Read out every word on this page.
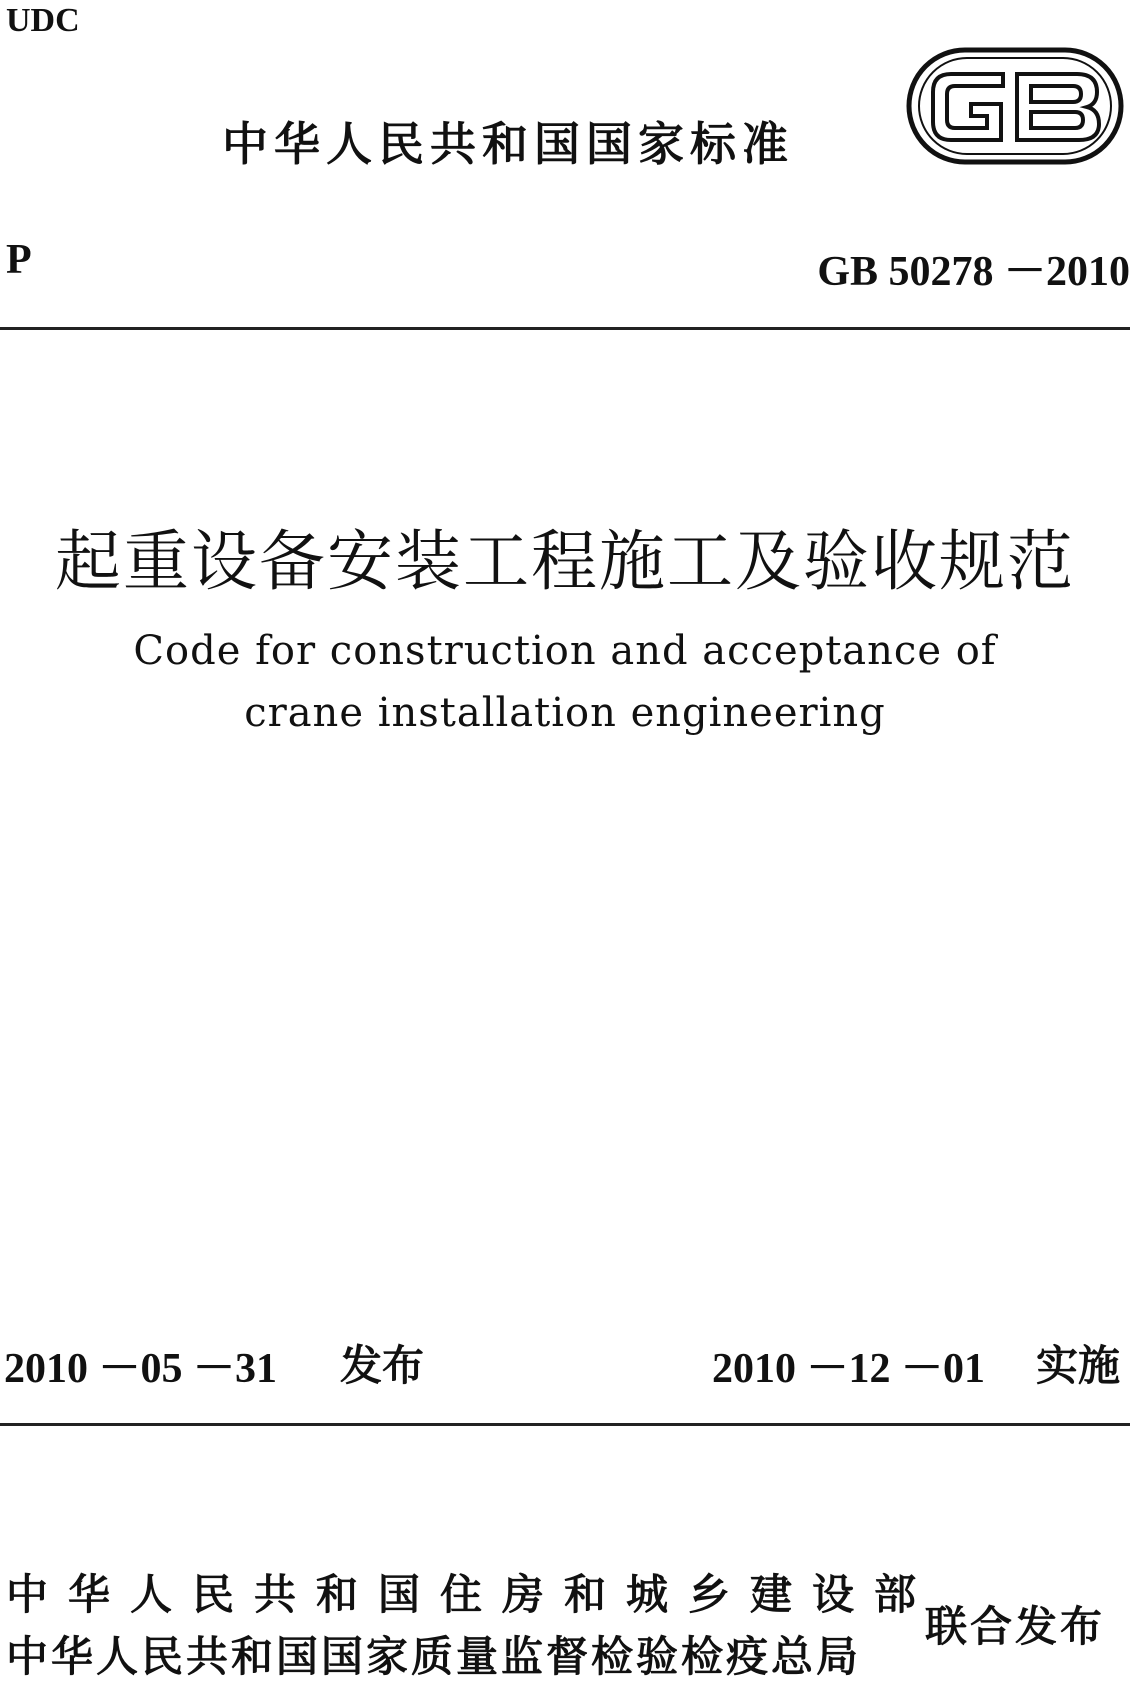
UDC
中华人民共和国国家标准
P	GB 50278 －2010
起重设备安装工程施工及验收规范
Code for construction and acceptance of
crane installation engineering
2010 －05 －31 发布	2010 －12 －01 实施
中华人民共和国住房和城乡建设部
中华人民共和国国家质量监督检验检疫总局
联合发布
